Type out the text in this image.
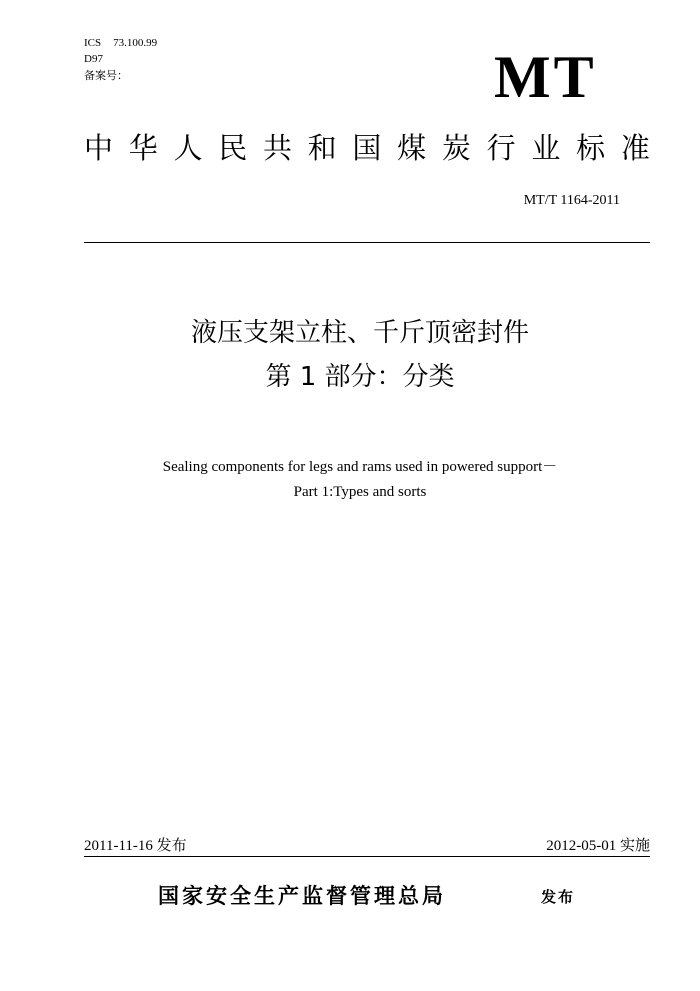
ICS 73.100.99
D97
备案号：	MT
中 华 人 民 共 和 国 煤 炭 行 业 标 准
MT/T 1164-2011
液压支架立柱、千斤顶密封件
第 1 部分：分类
Sealing components for legs and rams used in powered support－
Part 1:Types and sorts
2011-11-16 发布	2012-05-01 实施
国家安全生产监督管理总局	发布
